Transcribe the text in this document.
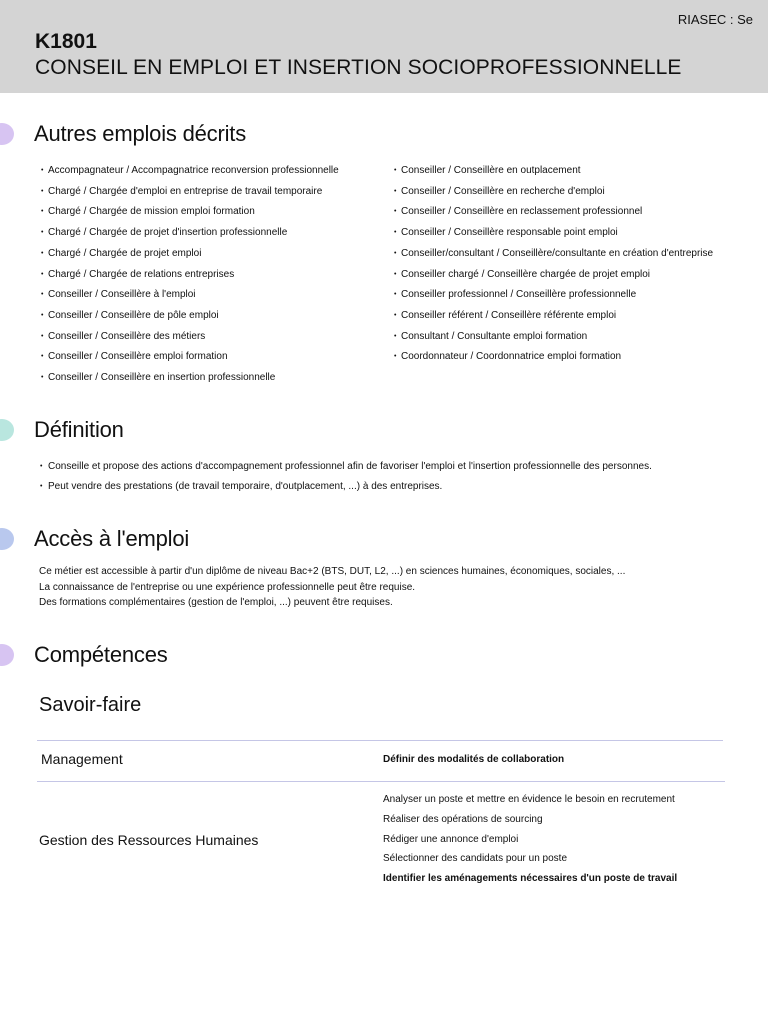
RIASEC : Se
K1801
CONSEIL EN EMPLOI ET INSERTION SOCIOPROFESSIONNELLE
Autres emplois décrits
• Accompagnateur / Accompagnatrice reconversion professionnelle
• Chargé / Chargée d'emploi en entreprise de travail temporaire
• Chargé / Chargée de mission emploi formation
• Chargé / Chargée de projet d'insertion professionnelle
• Chargé / Chargée de projet emploi
• Chargé / Chargée de relations entreprises
• Conseiller / Conseillère à l'emploi
• Conseiller / Conseillère de pôle emploi
• Conseiller / Conseillère des métiers
• Conseiller / Conseillère emploi formation
• Conseiller / Conseillère en insertion professionnelle
• Conseiller / Conseillère en outplacement
• Conseiller / Conseillère en recherche d'emploi
• Conseiller / Conseillère en reclassement professionnel
• Conseiller / Conseillère responsable point emploi
• Conseiller/consultant / Conseillère/consultante en création d'entreprise
• Conseiller chargé / Conseillère chargée de projet emploi
• Conseiller professionnel / Conseillère professionnelle
• Conseiller référent / Conseillère référente emploi
• Consultant / Consultante emploi formation
• Coordonnateur / Coordonnatrice emploi formation
Définition
• Conseille et propose des actions d'accompagnement professionnel afin de favoriser l'emploi et l'insertion professionnelle des personnes.
• Peut vendre des prestations (de travail temporaire, d'outplacement, ...) à des entreprises.
Accès à l'emploi
Ce métier est accessible à partir d'un diplôme de niveau Bac+2 (BTS, DUT, L2, ...) en sciences humaines, économiques, sociales, ...
La connaissance de l'entreprise ou une expérience professionnelle peut être requise.
Des formations complémentaires (gestion de l'emploi, ...) peuvent être requises.
Compétences
Savoir-faire
Management	Définir des modalités de collaboration
Gestion des Ressources Humaines
Analyser un poste et mettre en évidence le besoin en recrutement
Réaliser des opérations de sourcing
Rédiger une annonce d'emploi
Sélectionner des candidats pour un poste
Identifier les aménagements nécessaires d'un poste de travail
